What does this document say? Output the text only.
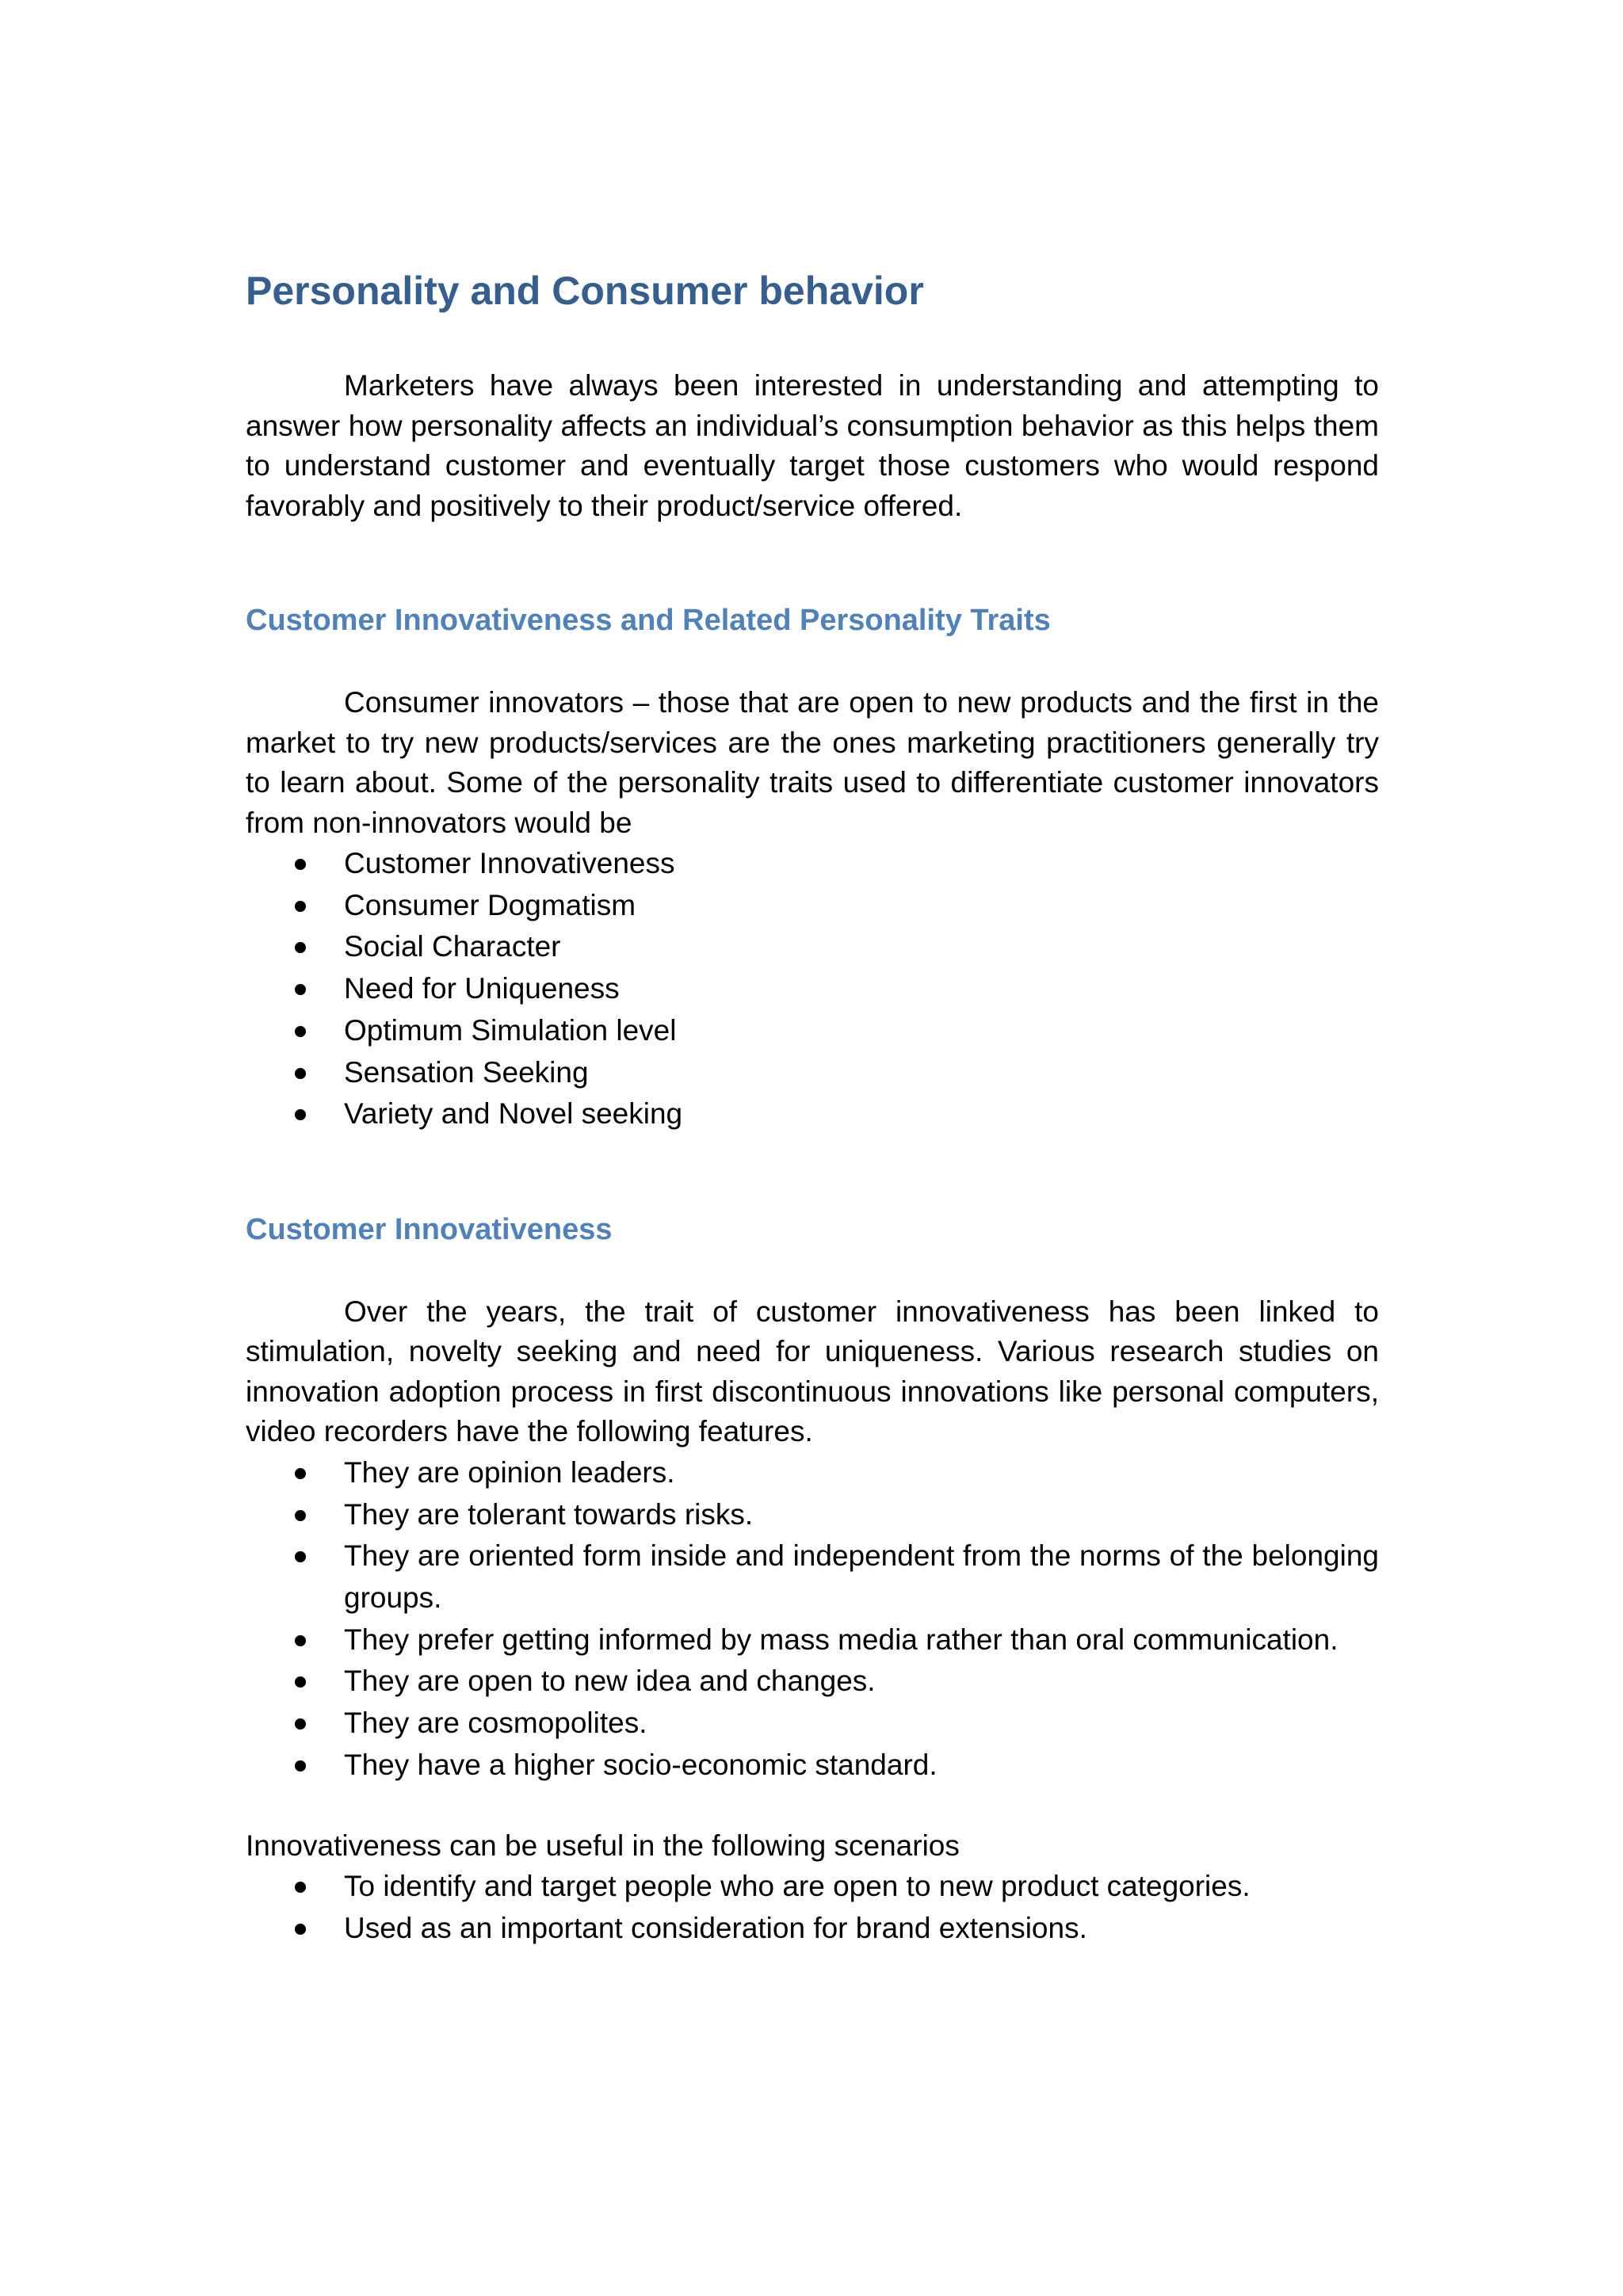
Personality and Consumer behavior

Marketers have always been interested in understanding and attempting to answer how personality affects an individual’s consumption behavior as this helps them to understand customer and eventually target those customers who would respond favorably and positively to their product/service offered.

Customer Innovativeness and Related Personality Traits

Consumer innovators – those that are open to new products and the first in the market to try new products/services are the ones marketing practitioners generally try to learn about. Some of the personality traits used to differentiate customer innovators from non-innovators would be

Customer Innovativeness
Consumer Dogmatism
Social Character
Need for Uniqueness
Optimum Simulation level
Sensation Seeking
Variety and Novel seeking
Customer Innovativeness

Over the years, the trait of customer innovativeness has been linked to stimulation, novelty seeking and need for uniqueness. Various research studies on innovation adoption process in first discontinuous innovations like personal computers, video recorders have the following features.

They are opinion leaders.
They are tolerant towards risks.
They are oriented form inside and independent from the norms of the belonging groups.
They prefer getting informed by mass media rather than oral communication.
They are open to new idea and changes.
They are cosmopolites.
They have a higher socio-economic standard.

Innovativeness can be useful in the following scenarios

To identify and target people who are open to new product categories.
Used as an important consideration for brand extensions.
